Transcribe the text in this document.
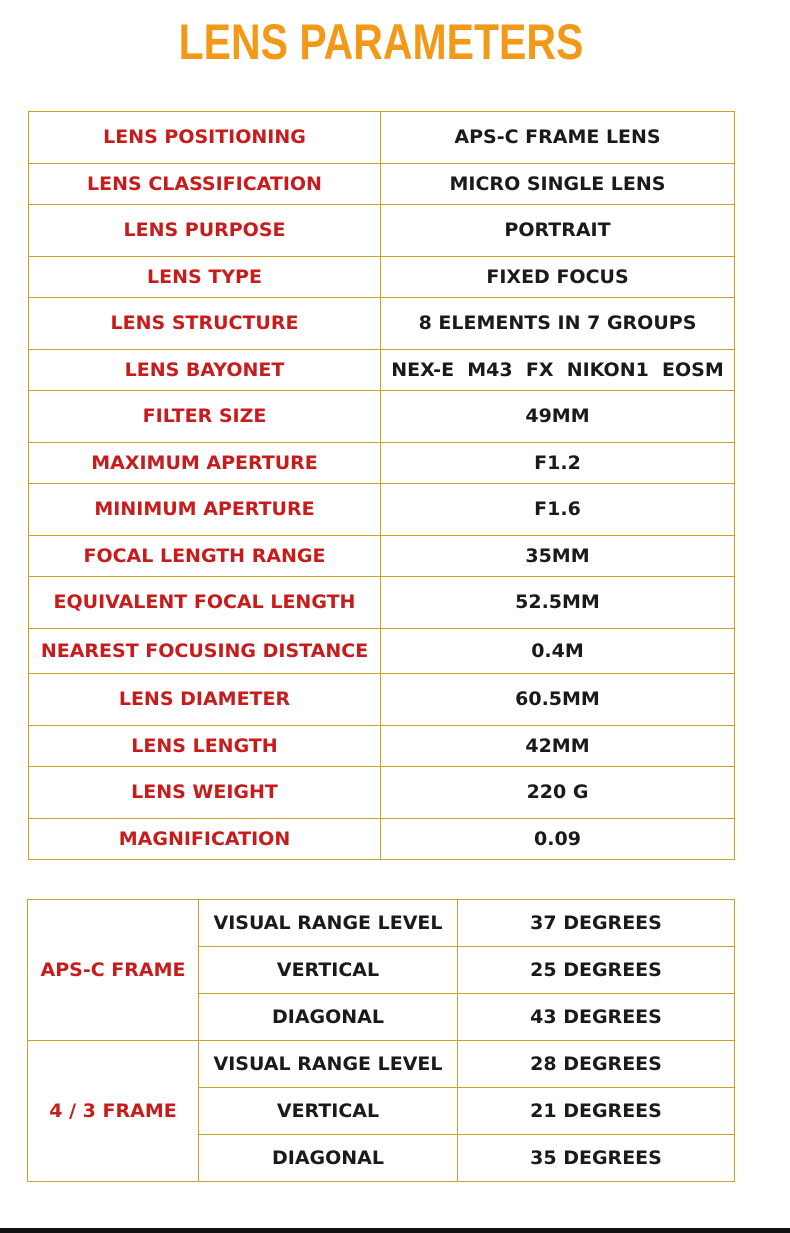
LENS PARAMETERS
LENS POSITIONING	APS-C FRAME LENS
LENS CLASSIFICATION	MICRO SINGLE LENS
LENS PURPOSE	PORTRAIT
LENS TYPE	FIXED FOCUS
LENS STRUCTURE	8 ELEMENTS IN 7 GROUPS
LENS BAYONET	NEX-E  M43  FX  NIKON1  EOSM
FILTER SIZE	49MM
MAXIMUM APERTURE	F1.2
MINIMUM APERTURE	F1.6
FOCAL LENGTH RANGE	35MM
EQUIVALENT FOCAL LENGTH	52.5MM
NEAREST FOCUSING DISTANCE	0.4M
LENS DIAMETER	60.5MM
LENS LENGTH	42MM
LENS WEIGHT	220 G
MAGNIFICATION	0.09
APS-C FRAME	VISUAL RANGE LEVEL	37 DEGREES
	VERTICAL	25 DEGREES
	DIAGONAL	43 DEGREES
4 / 3 FRAME	VISUAL RANGE LEVEL	28 DEGREES
	VERTICAL	21 DEGREES
	DIAGONAL	35 DEGREES
